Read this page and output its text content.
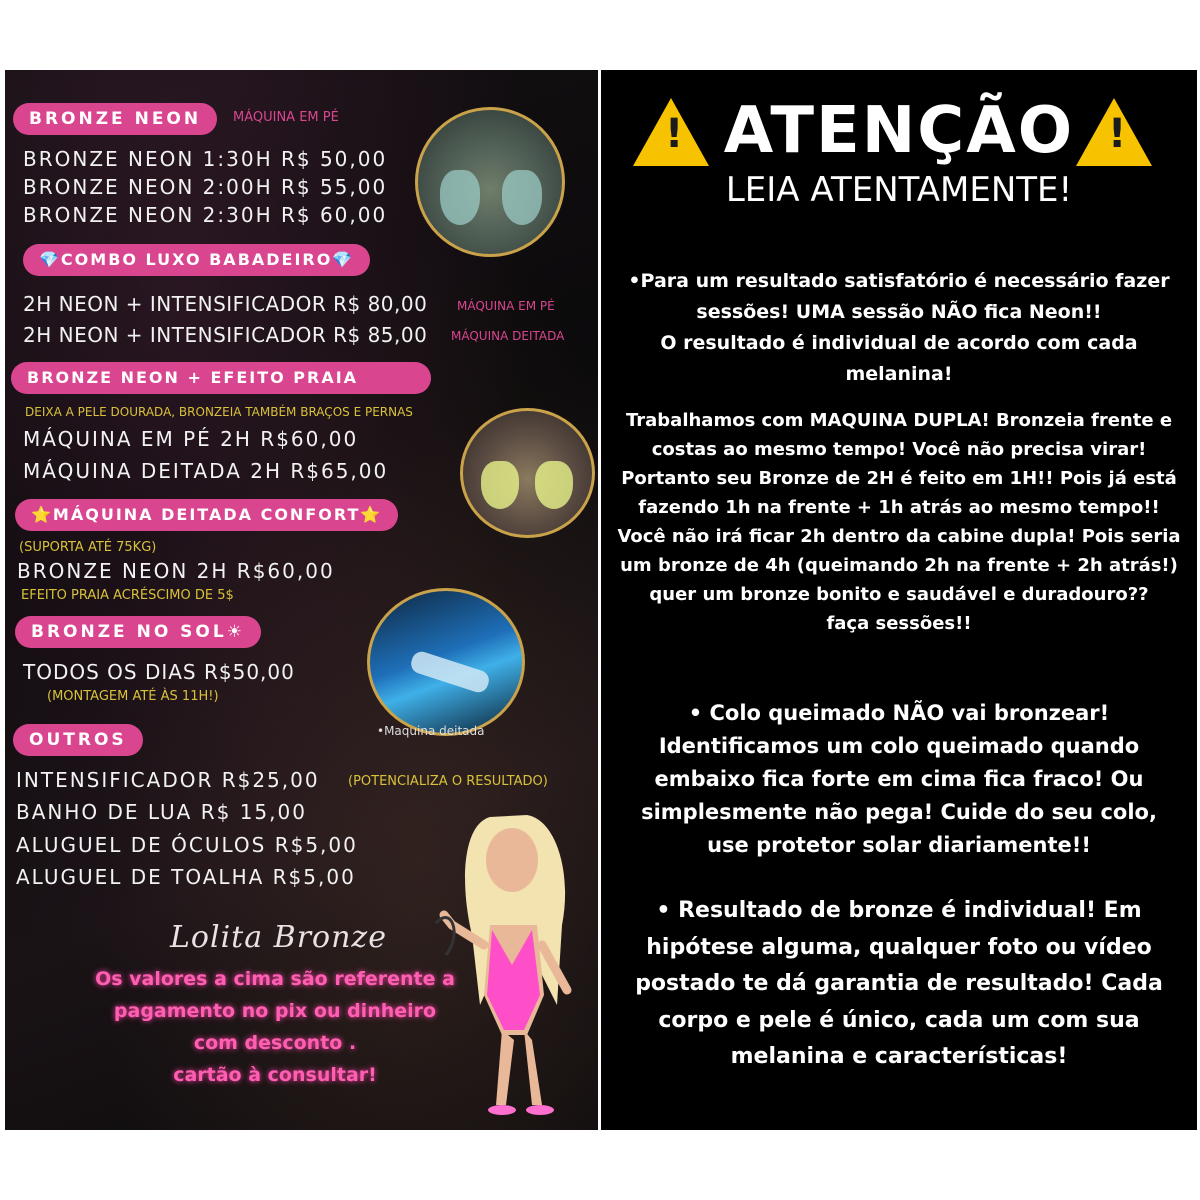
BRONZE NEON	MÁQUINA EM PÉ
BRONZE NEON 1:30H R$ 50,00
BRONZE NEON 2:00H R$ 55,00
BRONZE NEON 2:30H R$ 60,00
💎COMBO LUXO BABADEIRO💎
2H NEON + INTENSIFICADOR R$ 80,00 MÁQUINA EM PÉ
2H NEON + INTENSIFICADOR R$ 85,00 MÁQUINA DEITADA
BRONZE NEON + EFEITO PRAIA
DEIXA A PELE DOURADA, BRONZEIA TAMBÉM BRAÇOS E PERNAS
MÁQUINA EM PÉ 2H R$60,00
MÁQUINA DEITADA 2H R$65,00
⭐MÁQUINA DEITADA CONFORT⭐
(SUPORTA ATÉ 75KG)
BRONZE NEON 2H R$60,00
EFEITO PRAIA ACRÉSCIMO DE 5$
BRONZE NO SOL☀
TODOS OS DIAS R$50,00
(MONTAGEM ATÉ ÀS 11H!)
•Maquina deitada
OUTROS
INTENSIFICADOR R$25,00 (POTENCIALIZA O RESULTADO)
BANHO DE LUA R$ 15,00
ALUGUEL DE ÓCULOS R$5,00
ALUGUEL DE TOALHA R$5,00
Lolita Bronze
Os valores a cima são referente a
pagamento no pix ou dinheiro
com desconto .
cartão à consultar!
!	!
ATENÇÃO
LEIA ATENTAMENTE!
•Para um resultado satisfatório é necessário fazer
sessões! UMA sessão NÃO fica Neon!!
O resultado é individual de acordo com cada
melanina!
Trabalhamos com MAQUINA DUPLA! Bronzeia frente e
costas ao mesmo tempo! Você não precisa virar!
Portanto seu Bronze de 2H é feito em 1H!! Pois já está
fazendo 1h na frente + 1h atrás ao mesmo tempo!!
Você não irá ficar 2h dentro da cabine dupla! Pois seria
um bronze de 4h (queimando 2h na frente + 2h atrás!)
quer um bronze bonito e saudável e duradouro??
faça sessões!!
• Colo queimado NÃO vai bronzear!
Identificamos um colo queimado quando
embaixo fica forte em cima fica fraco! Ou
simplesmente não pega! Cuide do seu colo,
use protetor solar diariamente!!
• Resultado de bronze é individual! Em
hipótese alguma, qualquer foto ou vídeo
postado te dá garantia de resultado! Cada
corpo e pele é único, cada um com sua
melanina e características!
